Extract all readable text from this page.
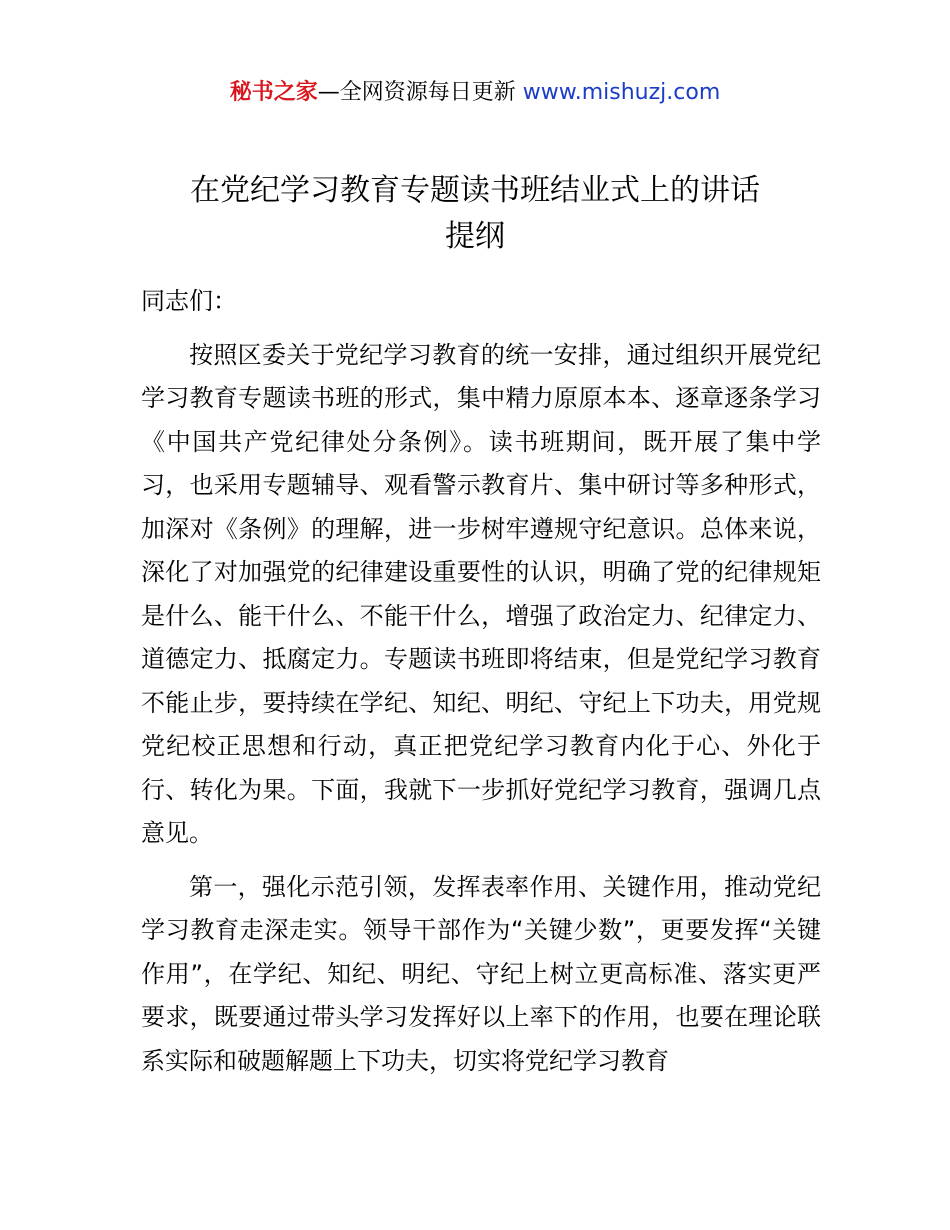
秘书之家—全网资源每日更新 www.mishuzj.com
在党纪学习教育专题读书班结业式上的讲话
提纲

同志们：

按照区委关于党纪学习教育的统一安排，通过组织开展党纪学习教育专题读书班的形式，集中精力原原本本、逐章逐条学习《中国共产党纪律处分条例》。读书班期间，既开展了集中学习，也采用专题辅导、观看警示教育片、集中研讨等多种形式，加深对《条例》的理解，进一步树牢遵规守纪意识。总体来说，深化了对加强党的纪律建设重要性的认识，明确了党的纪律规矩是什么、能干什么、不能干什么，增强了政治定力、纪律定力、道德定力、抵腐定力。专题读书班即将结束，但是党纪学习教育不能止步，要持续在学纪、知纪、明纪、守纪上下功夫，用党规党纪校正思想和行动，真正把党纪学习教育内化于心、外化于行、转化为果。下面，我就下一步抓好党纪学习教育，强调几点意见。

第一，强化示范引领，发挥表率作用、关键作用，推动党纪学习教育走深走实。领导干部作为“关键少数”，更要发挥“关键作用”，在学纪、知纪、明纪、守纪上树立更高标准、落实更严要求，既要通过带头学习发挥好以上率下的作用，也要在理论联系实际和破题解题上下功夫，切实将党纪学习教育
